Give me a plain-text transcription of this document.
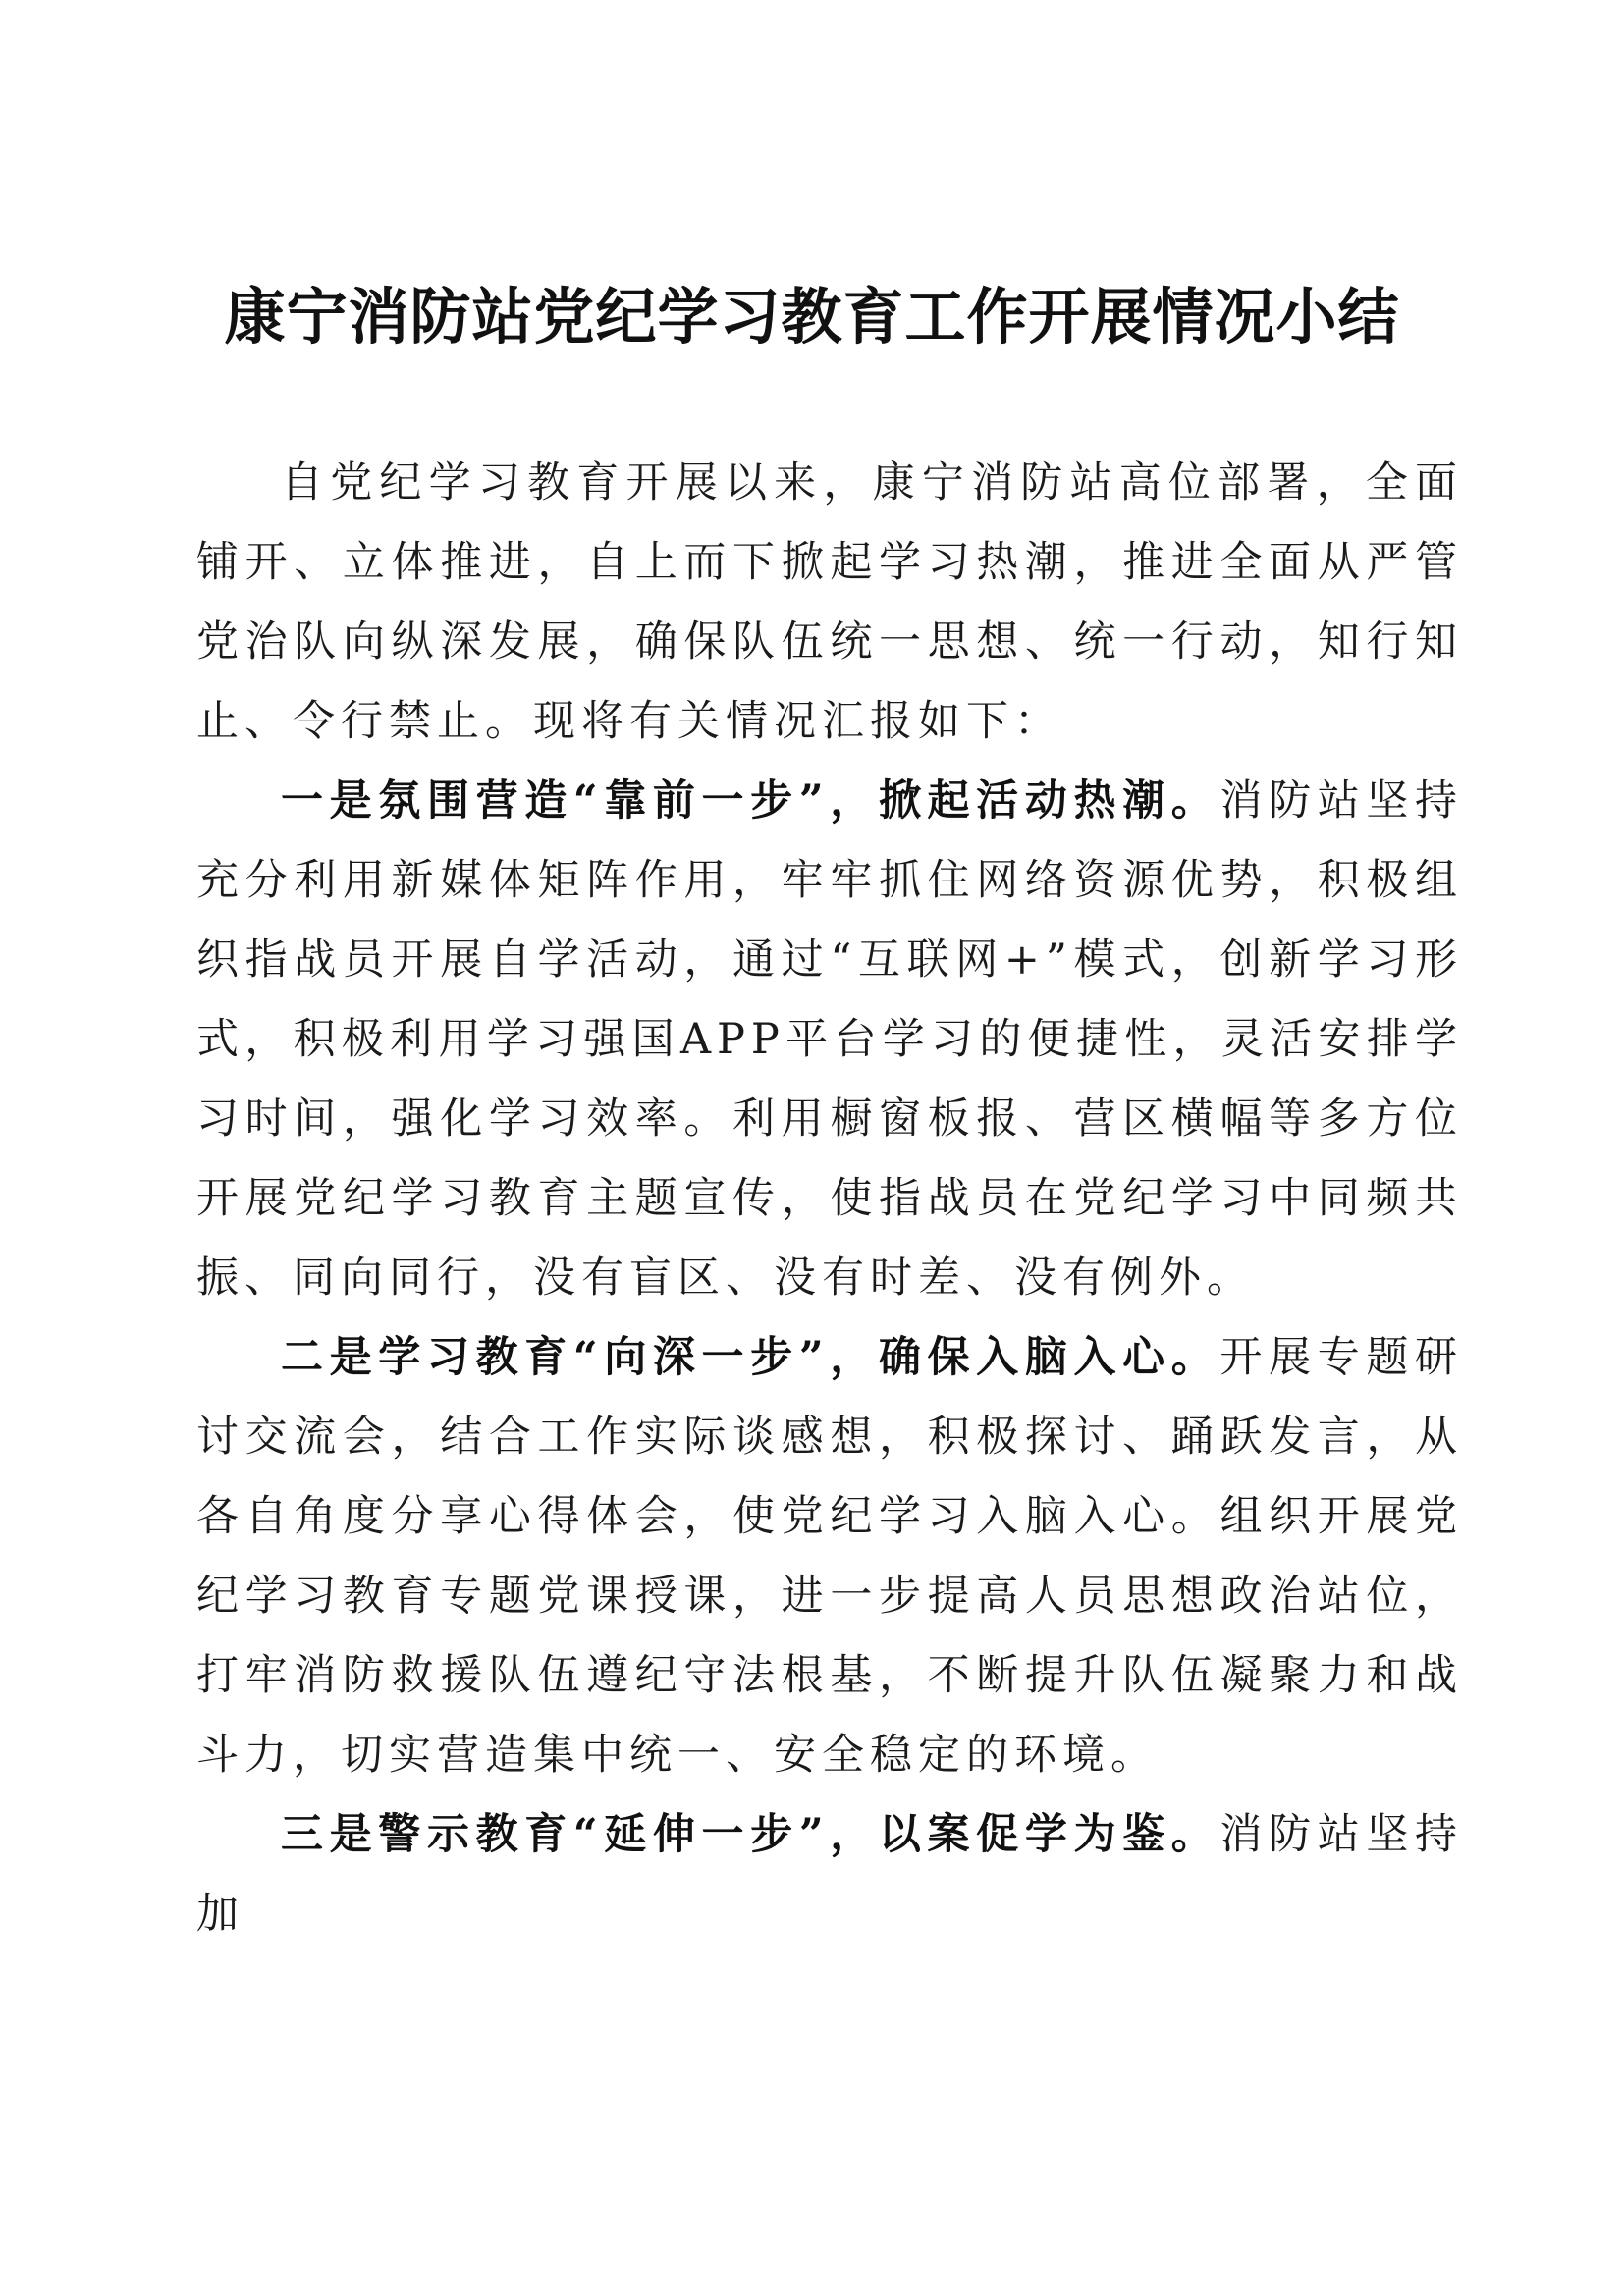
康宁消防站党纪学习教育工作开展情况小结

自党纪学习教育开展以来，康宁消防站高位部署，全面铺开、立体推进，自上而下掀起学习热潮，推进全面从严管党治队向纵深发展，确保队伍统一思想、统一行动，知行知止、令行禁止。现将有关情况汇报如下：

一是氛围营造“靠前一步”，掀起活动热潮。消防站坚持充分利用新媒体矩阵作用，牢牢抓住网络资源优势，积极组织指战员开展自学活动，通过“互联网+”模式，创新学习形式，积极利用学习强国APP平台学习的便捷性，灵活安排学习时间，强化学习效率。利用橱窗板报、营区横幅等多方位开展党纪学习教育主题宣传，使指战员在党纪学习中同频共振、同向同行，没有盲区、没有时差、没有例外。

二是学习教育“向深一步”，确保入脑入心。开展专题研讨交流会，结合工作实际谈感想，积极探讨、踊跃发言，从各自角度分享心得体会，使党纪学习入脑入心。组织开展党纪学习教育专题党课授课，进一步提高人员思想政治站位，打牢消防救援队伍遵纪守法根基，不断提升队伍凝聚力和战斗力，切实营造集中统一、安全稳定的环境。

三是警示教育“延伸一步”，以案促学为鉴。消防站坚持加
